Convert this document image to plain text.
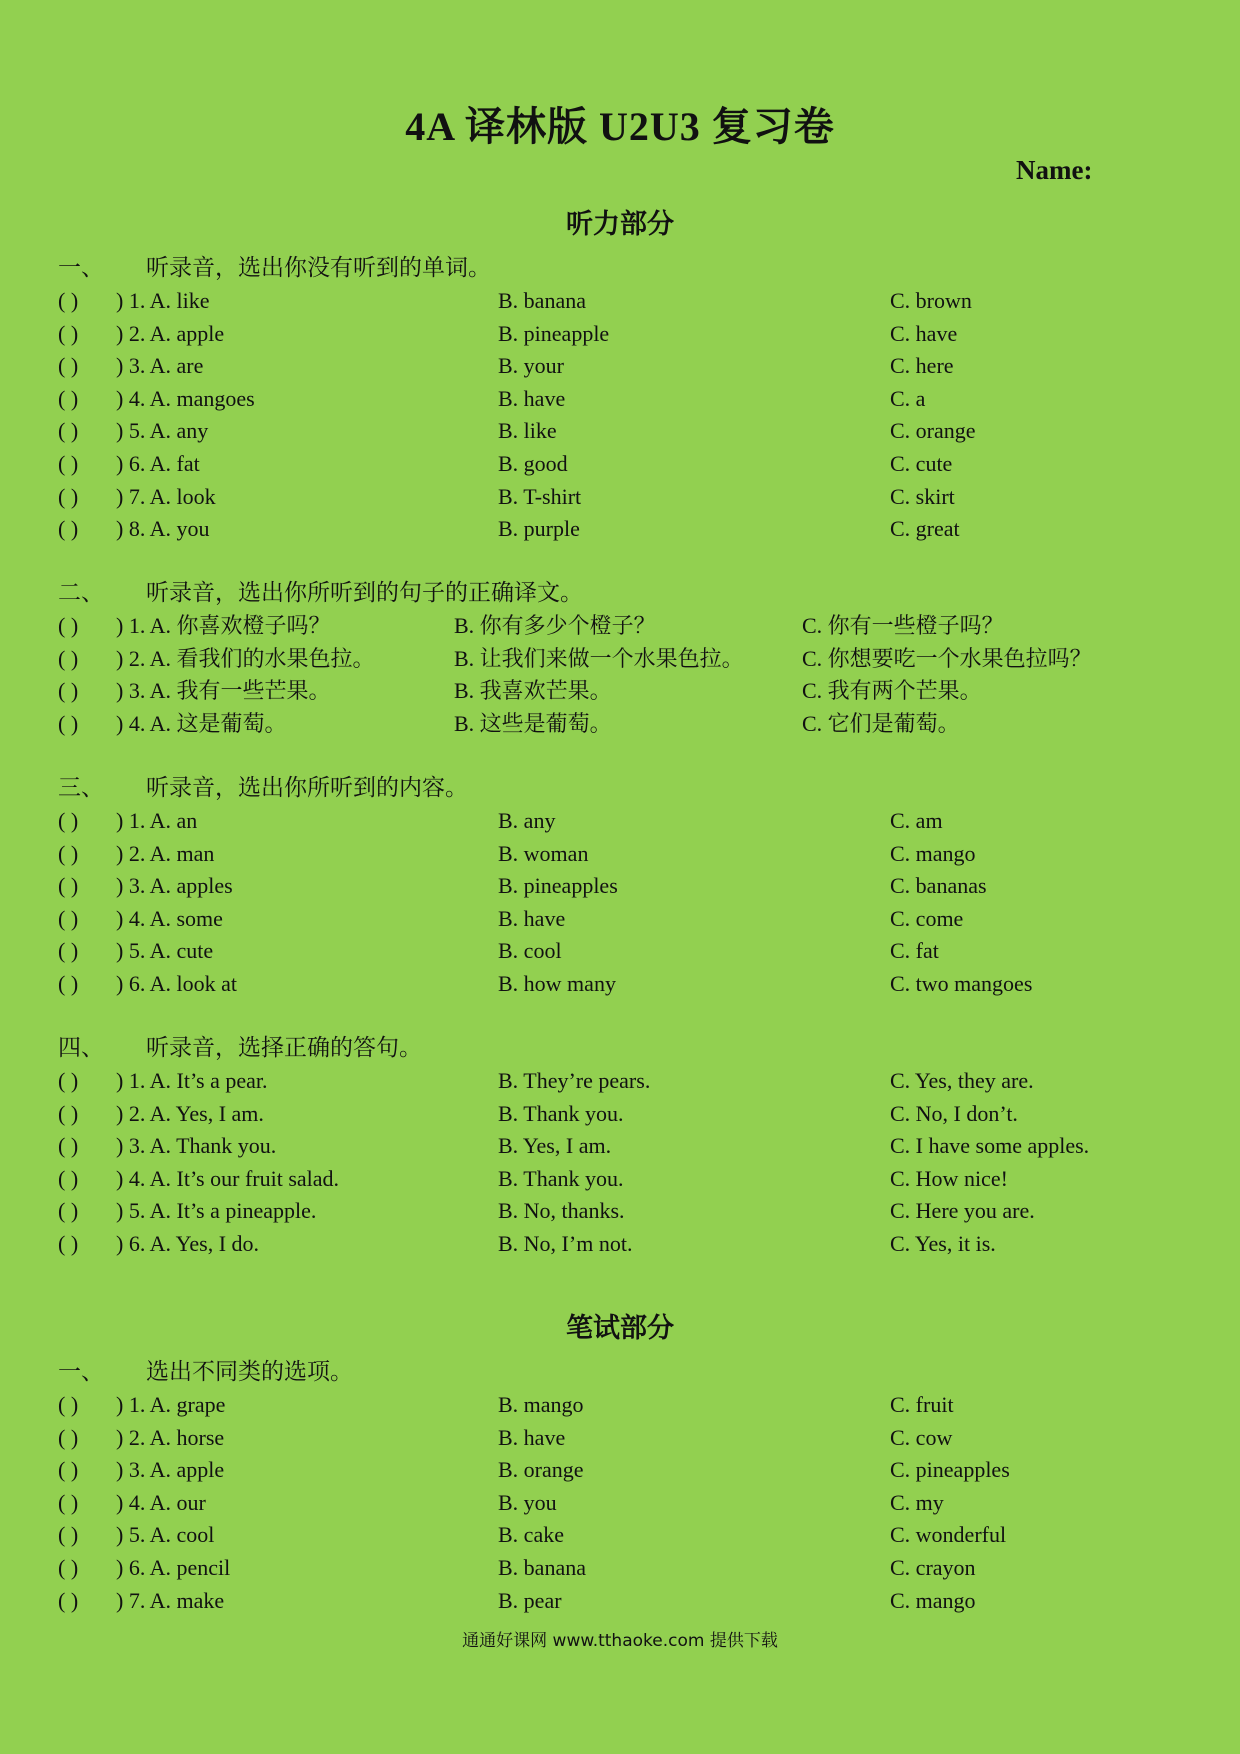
4A 译林版 U2U3 复习卷
Name:
听力部分
笔试部分
一、 听录音，选出你没有听到的单词。
( ) ) 1. A. like	B. banana	C. brown
( ) ) 2. A. apple	B. pineapple	C. have
( ) ) 3. A. are	B. your	C. here
( ) ) 4. A. mangoes	B. have	C. a
( ) ) 5. A. any	B. like	C. orange
( ) ) 6. A. fat	B. good	C. cute
( ) ) 7. A. look	B. T-shirt	C. skirt
( ) ) 8. A. you	B. purple	C. great
二、 听录音，选出你所听到的句子的正确译文。
( ) ) 1. A. 你喜欢橙子吗？	B. 你有多少个橙子？	C. 你有一些橙子吗？
( ) ) 2. A. 看我们的水果色拉。	B. 让我们来做一个水果色拉。	C. 你想要吃一个水果色拉吗？
( ) ) 3. A. 我有一些芒果。	B. 我喜欢芒果。	C. 我有两个芒果。
( ) ) 4. A. 这是葡萄。	B. 这些是葡萄。	C. 它们是葡萄。
三、 听录音，选出你所听到的内容。
( ) ) 1. A. an	B. any	C. am
( ) ) 2. A. man	B. woman	C. mango
( ) ) 3. A. apples	B. pineapples	C. bananas
( ) ) 4. A. some	B. have	C. come
( ) ) 5. A. cute	B. cool	C. fat
( ) ) 6. A. look at	B. how many	C. two mangoes
四、 听录音，选择正确的答句。
( ) ) 1. A. It’s a pear.	B. They’re pears.	C. Yes, they are.
( ) ) 2. A. Yes, I am.	B. Thank you.	C. No, I don’t.
( ) ) 3. A. Thank you.	B. Yes, I am.	C. I have some apples.
( ) ) 4. A. It’s our fruit salad.	B. Thank you.	C. How nice!
( ) ) 5. A. It’s a pineapple.	B. No, thanks.	C. Here you are.
( ) ) 6. A. Yes, I do.	B. No, I’m not.	C. Yes, it is.
一、 选出不同类的选项。
( ) ) 1. A. grape	B. mango	C. fruit
( ) ) 2. A. horse	B. have	C. cow
( ) ) 3. A. apple	B. orange	C. pineapples
( ) ) 4. A. our	B. you	C. my
( ) ) 5. A. cool	B. cake	C. wonderful
( ) ) 6. A. pencil	B. banana	C. crayon
( ) ) 7. A. make	B. pear	C. mango
通通好课网 www.tthaoke.com 提供下载
